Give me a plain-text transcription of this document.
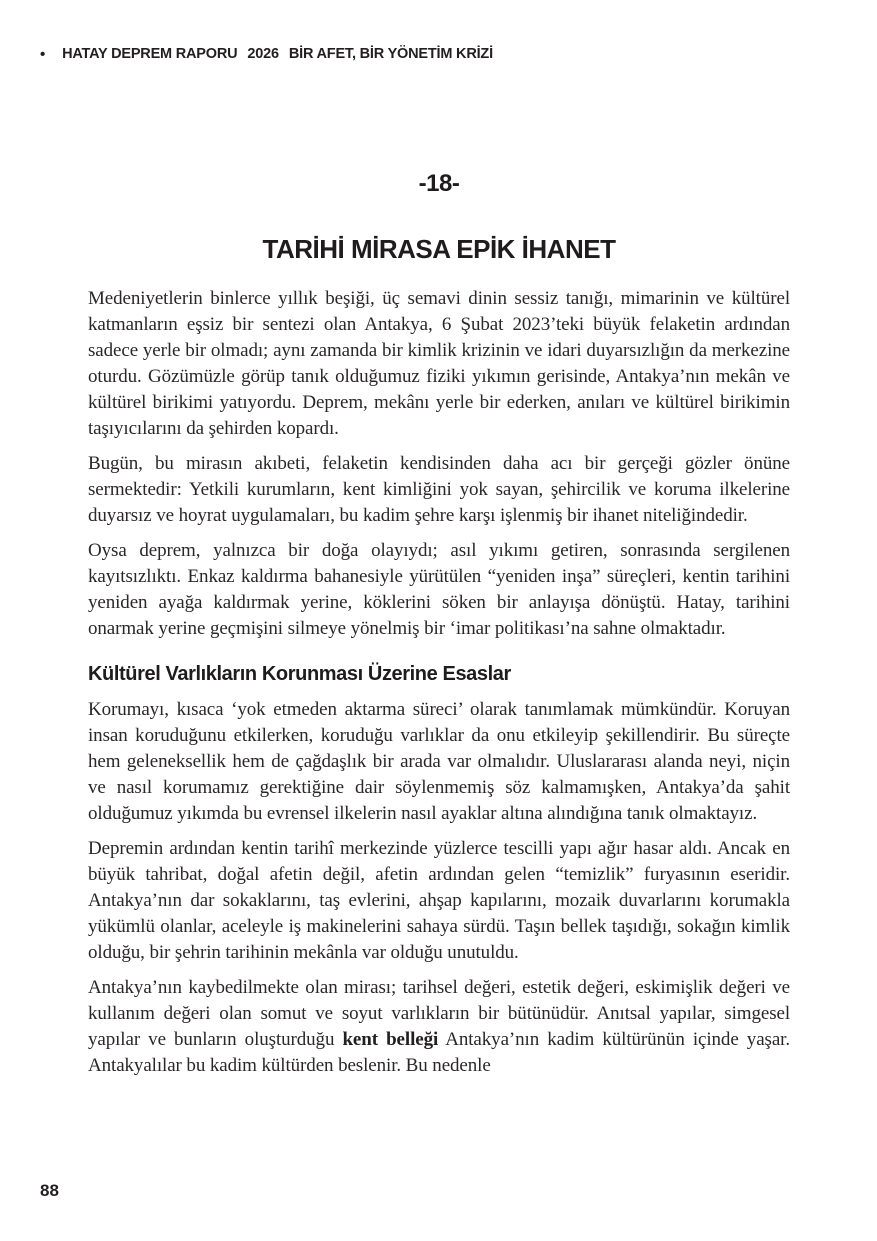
• HATAY DEPREM RAPORU 2026 BİR AFET, BİR YÖNETİM KRİZİ
-18-
TARİHİ MİRASA EPİK İHANET

Medeniyetlerin binlerce yıllık beşiği, üç semavi dinin sessiz tanığı, mimarinin ve kültürel katmanların eşsiz bir sentezi olan Antakya, 6 Şubat 2023’teki büyük felaketin ardından sadece yerle bir olmadı; aynı zamanda bir kimlik krizinin ve idari duyarsızlığın da merkezine oturdu. Gözümüzle görüp tanık olduğumuz fiziki yıkımın gerisinde, Antakya’nın mekân ve kültürel birikimi yatıyordu. Deprem, mekânı yerle bir ederken, anıları ve kültürel birikimin taşıyıcılarını da şehirden kopardı.

Bugün, bu mirasın akıbeti, felaketin kendisinden daha acı bir gerçeği gözler önüne sermektedir: Yetkili kurumların, kent kimliğini yok sayan, şehircilik ve koruma ilkelerine duyarsız ve hoyrat uygulamaları, bu kadim şehre karşı işlenmiş bir ihanet niteliğindedir.

Oysa deprem, yalnızca bir doğa olayıydı; asıl yıkımı getiren, sonrasında sergilenen kayıtsızlıktı. Enkaz kaldırma bahanesiyle yürütülen “yeniden inşa” süreçleri, kentin tarihini yeniden ayağa kaldırmak yerine, köklerini söken bir anlayışa dönüştü. Hatay, tarihini onarmak yerine geçmişini silmeye yönelmiş bir ‘imar politikası’na sahne olmaktadır.

Kültürel Varlıkların Korunması Üzerine Esaslar

Korumayı, kısaca ‘yok etmeden aktarma süreci’ olarak tanımlamak mümkündür. Koruyan insan koruduğunu etkilerken, koruduğu varlıklar da onu etkileyip şekillendirir. Bu süreçte hem geleneksellik hem de çağdaşlık bir arada var olmalıdır. Uluslararası alanda neyi, niçin ve nasıl korumamız gerektiğine dair söylenmemiş söz kalmamışken, Antakya’da şahit olduğumuz yıkımda bu evrensel ilkelerin nasıl ayaklar altına alındığına tanık olmaktayız.

Depremin ardından kentin tarihî merkezinde yüzlerce tescilli yapı ağır hasar aldı. Ancak en büyük tahribat, doğal afetin değil, afetin ardından gelen “temizlik” furyasının eseridir. Antakya’nın dar sokaklarını, taş evlerini, ahşap kapılarını, mozaik duvarlarını korumakla yükümlü olanlar, aceleyle iş makinelerini sahaya sürdü. Taşın bellek taşıdığı, sokağın kimlik olduğu, bir şehrin tarihinin mekânla var olduğu unutuldu.

Antakya’nın kaybedilmekte olan mirası; tarihsel değeri, estetik değeri, eskimişlik değeri ve kullanım değeri olan somut ve soyut varlıkların bir bütünüdür. Anıtsal yapılar, simgesel yapılar ve bunların oluşturduğu kent belleği Antakya’nın kadim kültürünün içinde yaşar. Antakyalılar bu kadim kültürden beslenir. Bu nedenle

88
